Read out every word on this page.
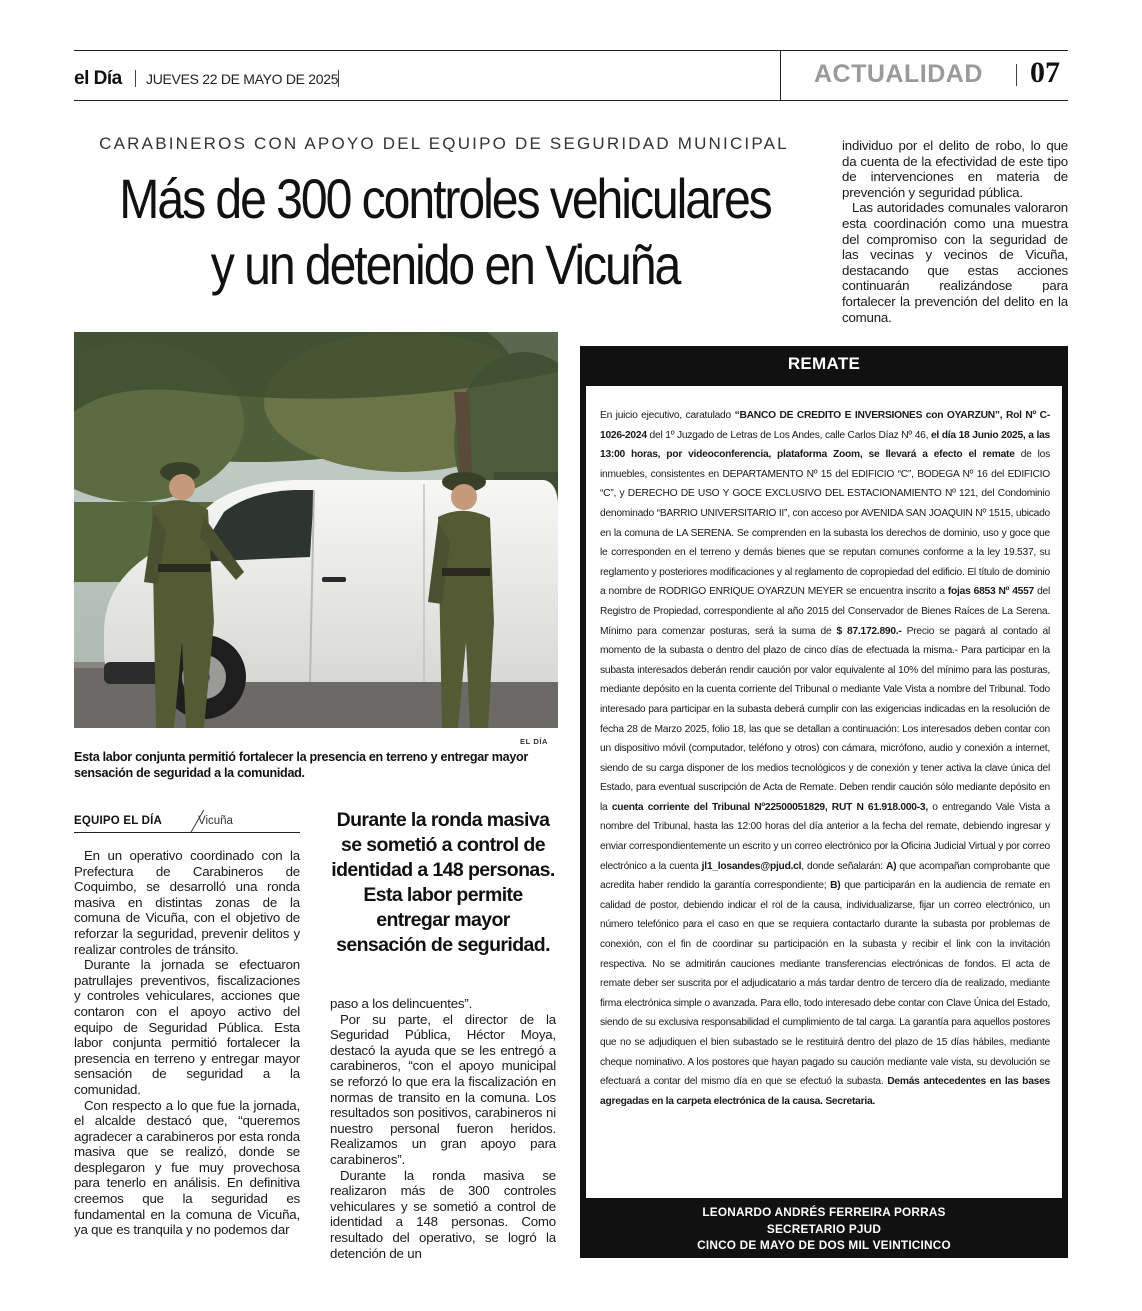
el Día JUEVES 22 DE MAYO DE 2025	ACTUALIDAD 07
CARABINEROS CON APOYO DEL EQUIPO DE SEGURIDAD MUNICIPAL
Más de 300 controles vehiculares
y un detenido en Vicuña

individuo por el delito de robo, lo que da cuenta de la efectividad de este tipo de intervenciones en materia de prevención y seguridad pública.

Las autoridades comunales valoraron esta coordinación como una muestra del compromiso con la seguridad de las vecinas y vecinos de Vicuña, destacando que estas acciones continuarán realizándose para fortalecer la prevención del delito en la comuna.

EL DÍA
Esta labor conjunta permitió fortalecer la presencia en terreno y entregar mayor sensación de seguridad a la comunidad.
EQUIPO EL DÍA	Vicuña

En un operativo coordinado con la Prefectura de Carabineros de Coquimbo, se desarrolló una ronda masiva en distintas zonas de la comuna de Vicuña, con el objetivo de reforzar la seguridad, prevenir delitos y realizar controles de tránsito.

Durante la jornada se efectuaron patrullajes preventivos, fiscalizaciones y controles vehiculares, acciones que contaron con el apoyo activo del equipo de Seguridad Pública. Esta labor conjunta permitió fortalecer la presencia en terreno y entregar mayor sensación de seguridad a la comunidad.

Con respecto a lo que fue la jornada, el alcalde destacó que, “queremos agradecer a carabineros por esta ronda masiva que se realizó, donde se desplegaron y fue muy provechosa para tenerlo en análisis. En definitiva creemos que la seguridad es fundamental en la comuna de Vicuña, ya que es tranquila y no podemos dar

Durante la ronda masiva se sometió a control de identidad a 148 personas. Esta labor permite entregar mayor sensación de seguridad.

paso a los delincuentes”.

Por su parte, el director de la Seguridad Pública, Héctor Moya, destacó la ayuda que se les entregó a carabineros, “con el apoyo municipal se reforzó lo que era la fiscalización en normas de transito en la comuna. Los resultados son positivos, carabineros ni nuestro personal fueron heridos. Realizamos un gran apoyo para carabineros”.

Durante la ronda masiva se realizaron más de 300 controles vehiculares y se sometió a control de identidad a 148 personas. Como resultado del operativo, se logró la detención de un

REMATE
En juicio ejecutivo, caratulado “BANCO DE CREDITO E INVERSIONES con OYARZUN”, Rol Nº C-1026-2024 del 1º Juzgado de Letras de Los Andes, calle Carlos Díaz Nº 46, el día 18 Junio 2025, a las 13:00 horas, por videoconferencia, plataforma Zoom, se llevará a efecto el remate de los inmuebles, consistentes en DEPARTAMENTO Nº 15 del EDIFICIO “C”, BODEGA Nº 16 del EDIFICIO “C”, y DERECHO DE USO Y GOCE EXCLUSIVO DEL ESTACIONAMIENTO Nº 121, del Condominio denominado “BARRIO UNIVERSITARIO II”, con acceso por AVENIDA SAN JOAQUIN Nº 1515, ubicado en la comuna de LA SERENA. Se comprenden en la subasta los derechos de dominio, uso y goce que le corresponden en el terreno y demás bienes que se reputan comunes conforme a la ley 19.537, su reglamento y posteriores modificaciones y al reglamento de copropiedad del edificio. El título de dominio a nombre de RODRIGO ENRIQUE OYARZUN MEYER se encuentra inscrito a fojas 6853 Nº 4557 del Registro de Propiedad, correspondiente al año 2015 del Conservador de Bienes Raíces de La Serena. Mínimo para comenzar posturas, será la suma de $ 87.172.890.- Precio se pagará al contado al momento de la subasta o dentro del plazo de cinco días de efectuada la misma.- Para participar en la subasta interesados deberán rendir caución por valor equivalente al 10% del mínimo para las posturas, mediante depósito en la cuenta corriente del Tribunal o mediante Vale Vista a nombre del Tribunal. Todo interesado para participar en la subasta deberá cumplir con las exigencias indicadas en la resolución de fecha 28 de Marzo 2025, folio 18, las que se detallan a continuación: Los interesados deben contar con un dispositivo móvil (computador, teléfono y otros) con cámara, micrófono, audio y conexión a internet, siendo de su carga disponer de los medios tecnológicos y de conexión y tener activa la clave única del Estado, para eventual suscripción de Acta de Remate. Deben rendir caución sólo mediante depósito en la cuenta corriente del Tribunal Nº22500051829, RUT N 61.918.000-3, o entregando Vale Vista a nombre del Tribunal, hasta las 12:00 horas del día anterior a la fecha del remate, debiendo ingresar y enviar correspondientemente un escrito y un correo electrónico por la Oficina Judicial Virtual y por correo electrónico a la cuenta jl1_losandes@pjud.cl, donde señalarán: A) que acompañan comprobante que acredita haber rendido la garantía correspondiente; B) que participarán en la audiencia de remate en calidad de postor, debiendo indicar el rol de la causa, individualizarse, fijar un correo electrónico, un número telefónico para el caso en que se requiera contactarlo durante la subasta por problemas de conexión, con el fin de coordinar su participación en la subasta y recibir el link con la invitación respectiva. No se admitirán cauciones mediante transferencias electrónicas de fondos. El acta de remate deber ser suscrita por el adjudicatario a más tardar dentro de tercero día de realizado, mediante firma electrónica simple o avanzada. Para ello, todo interesado debe contar con Clave Única del Estado, siendo de su exclusiva responsabilidad el cumplimiento de tal carga. La garantía para aquellos postores que no se adjudiquen el bien subastado se le restituirá dentro del plazo de 15 días hábiles, mediante cheque nominativo. A los postores que hayan pagado su caución mediante vale vista, su devolución se efectuará a contar del mismo día en que se efectuó la subasta. Demás antecedentes en las bases agregadas en la carpeta electrónica de la causa. Secretaria.
LEONARDO ANDRÉS FERREIRA PORRAS
SECRETARIO PJUD
CINCO DE MAYO DE DOS MIL VEINTICINCO
